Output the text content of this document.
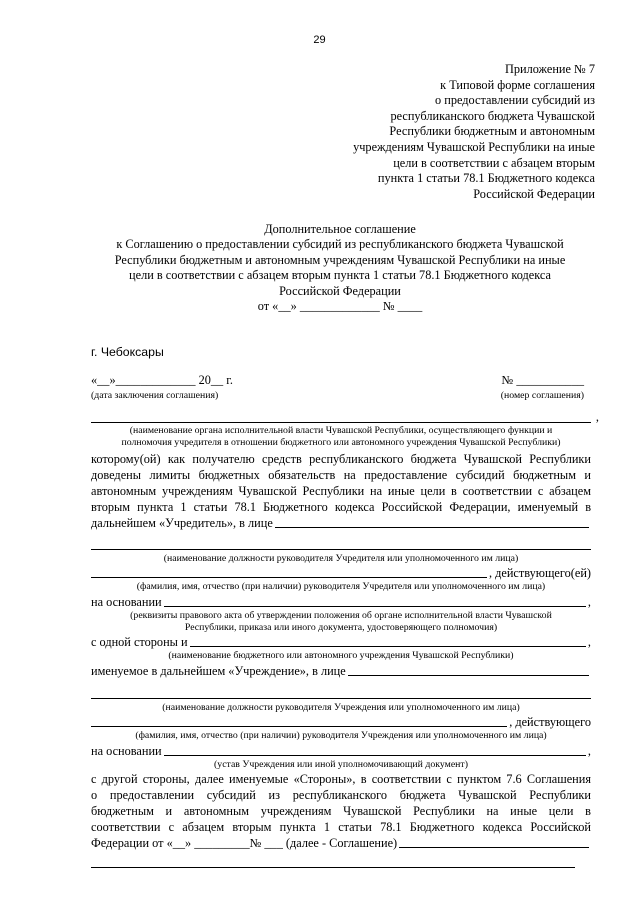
29
Приложение № 7
к Типовой форме соглашения
о предоставлении субсидий из
республиканского бюджета Чувашской
Республики бюджетным и автономным
учреждениям Чувашской Республики на иные
цели в соответствии с абзацем вторым
пункта 1 статьи 78.1 Бюджетного кодекса
Российской Федерации
Дополнительное соглашение
к Соглашению о предоставлении субсидий из республиканского бюджета Чувашской
Республики бюджетным и автономным учреждениям Чувашской Республики на иные
цели в соответствии с абзацем вторым пункта 1 статьи 78.1 Бюджетного кодекса
Российской Федерации
от «__» _____________ № ____
г. Чебоксары
«__»_____________ 20__ г.	№ ___________
(дата заключения соглашения)	(номер соглашения)
,
(наименование органа исполнительной власти Чувашской Республики, осуществляющего функции и
полномочия учредителя в отношении бюджетного или автономного учреждения Чувашской Республики)
которому(ой) как получателю средств республиканского бюджета Чувашской Республики
доведены лимиты бюджетных обязательств на предоставление субсидий бюджетным и
автономным учреждениям Чувашской Республики на иные цели в соответствии с абзацем
вторым пункта 1 статьи 78.1 Бюджетного кодекса Российской Федерации, именуемый в
дальнейшем «Учредитель», в лице
(наименование должности руководителя Учредителя или уполномоченного им лица)
, действующего(ей)
(фамилия, имя, отчество (при наличии) руководителя Учредителя или уполномоченного им лица)
на основании	,
(реквизиты правового акта об утверждении положения об органе исполнительной власти Чувашской
Республики, приказа или иного документа, удостоверяющего полномочия)
с одной стороны и	,
(наименование бюджетного или автономного учреждения Чувашской Республики)
именуемое в дальнейшем «Учреждение», в лице
(наименование должности руководителя Учреждения или уполномоченного им лица)
, действующего
(фамилия, имя, отчество (при наличии) руководителя Учреждения или уполномоченного им лица)
на основании	,
(устав Учреждения или иной уполномочивающий документ)
с другой стороны, далее именуемые «Стороны», в соответствии с пунктом 7.6 Соглашения
о предоставлении субсидий из республиканского бюджета Чувашской Республики
бюджетным и автономным учреждениям Чувашской Республики на иные цели в
соответствии с абзацем вторым пункта 1 статьи 78.1 Бюджетного кодекса Российской
Федерации от «__» _________№ ___ (далее - Соглашение)
